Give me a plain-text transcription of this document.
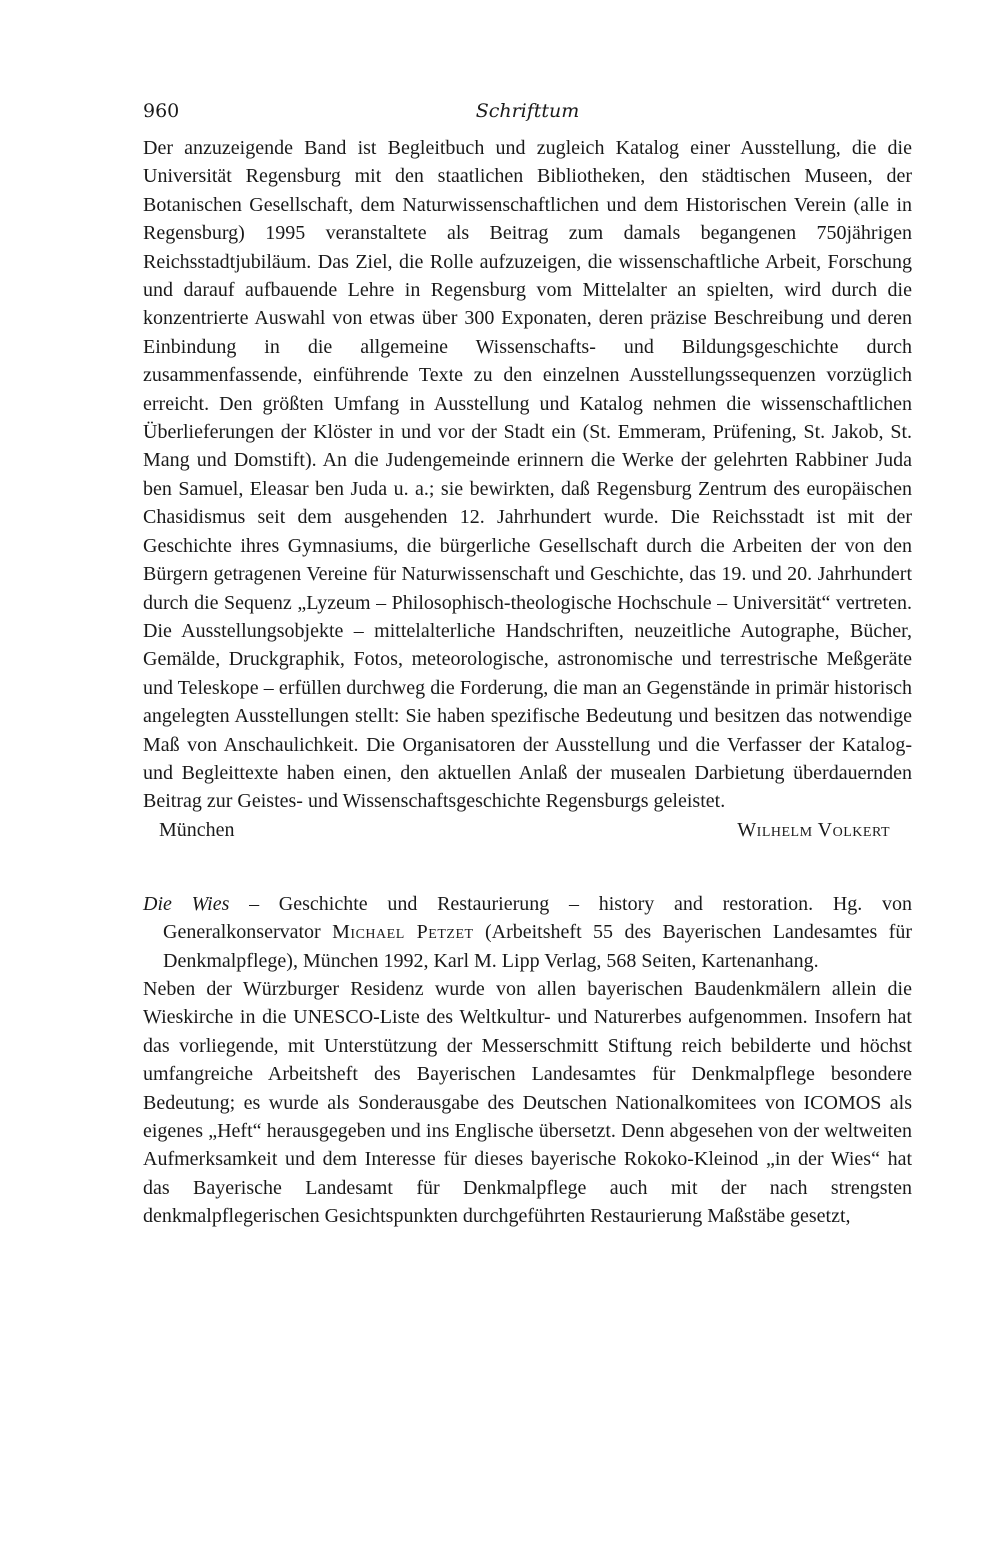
960	Schrifttum

Der anzuzeigende Band ist Begleitbuch und zugleich Katalog einer Ausstellung, die die Universität Regensburg mit den staatlichen Bibliotheken, den städtischen Museen, der Botanischen Gesellschaft, dem Naturwissenschaftlichen und dem Historischen Verein (alle in Regensburg) 1995 veranstaltete als Beitrag zum damals begangenen 750jährigen Reichsstadtjubiläum. Das Ziel, die Rolle aufzuzeigen, die wissenschaftliche Arbeit, Forschung und darauf aufbauende Lehre in Regensburg vom Mittelalter an spielten, wird durch die konzentrierte Auswahl von etwas über 300 Exponaten, deren präzise Beschreibung und deren Einbindung in die allgemeine Wissenschafts- und Bildungsgeschichte durch zusammenfassende, einführende Texte zu den einzelnen Ausstellungssequenzen vorzüglich erreicht. Den größten Umfang in Ausstellung und Katalog nehmen die wissenschaftlichen Überlieferungen der Klöster in und vor der Stadt ein (St. Emmeram, Prüfening, St. Jakob, St. Mang und Domstift). An die Judengemeinde erinnern die Werke der gelehrten Rabbiner Juda ben Samuel, Eleasar ben Juda u. a.; sie bewirkten, daß Regensburg Zentrum des europäischen Chasidismus seit dem ausgehenden 12. Jahrhundert wurde. Die Reichsstadt ist mit der Geschichte ihres Gymnasiums, die bürgerliche Gesellschaft durch die Arbeiten der von den Bürgern getragenen Vereine für Naturwissenschaft und Geschichte, das 19. und 20. Jahrhundert durch die Sequenz „Lyzeum – Philosophisch-theologische Hochschule – Universität“ vertreten. Die Ausstellungsobjekte – mittelalterliche Handschriften, neuzeitliche Autographe, Bücher, Gemälde, Druckgraphik, Fotos, meteorologische, astronomische und terrestrische Meßgeräte und Teleskope – erfüllen durchweg die Forderung, die man an Gegenstände in primär historisch angelegten Ausstellungen stellt: Sie haben spezifische Bedeutung und besitzen das notwendige Maß von Anschaulichkeit. Die Organisatoren der Ausstellung und die Verfasser der Katalog- und Begleittexte haben einen, den aktuellen Anlaß der musealen Darbietung überdauernden Beitrag zur Geistes- und Wissenschaftsgeschichte Regensburgs geleistet.

München	Wilhelm Volkert
Die Wies – Geschichte und Restaurierung – history and restoration. Hg. von Generalkonservator Michael Petzet (Arbeitsheft 55 des Bayerischen Landesamtes für Denkmalpflege), München 1992, Karl M. Lipp Verlag, 568 Seiten, Kartenanhang.

Neben der Würzburger Residenz wurde von allen bayerischen Baudenkmälern allein die Wieskirche in die UNESCO-Liste des Weltkultur- und Naturerbes aufgenommen. Insofern hat das vorliegende, mit Unterstützung der Messerschmitt Stiftung reich bebilderte und höchst umfangreiche Arbeitsheft des Bayerischen Landesamtes für Denkmalpflege besondere Bedeutung; es wurde als Sonderausgabe des Deutschen Nationalkomitees von ICOMOS als eigenes „Heft“ herausgegeben und ins Englische übersetzt. Denn abgesehen von der weltweiten Aufmerksamkeit und dem Interesse für dieses bayerische Rokoko-Kleinod „in der Wies“ hat das Bayerische Landesamt für Denkmalpflege auch mit der nach strengsten denkmalpflegerischen Gesichtspunkten durchgeführten Restaurierung Maßstäbe gesetzt,
